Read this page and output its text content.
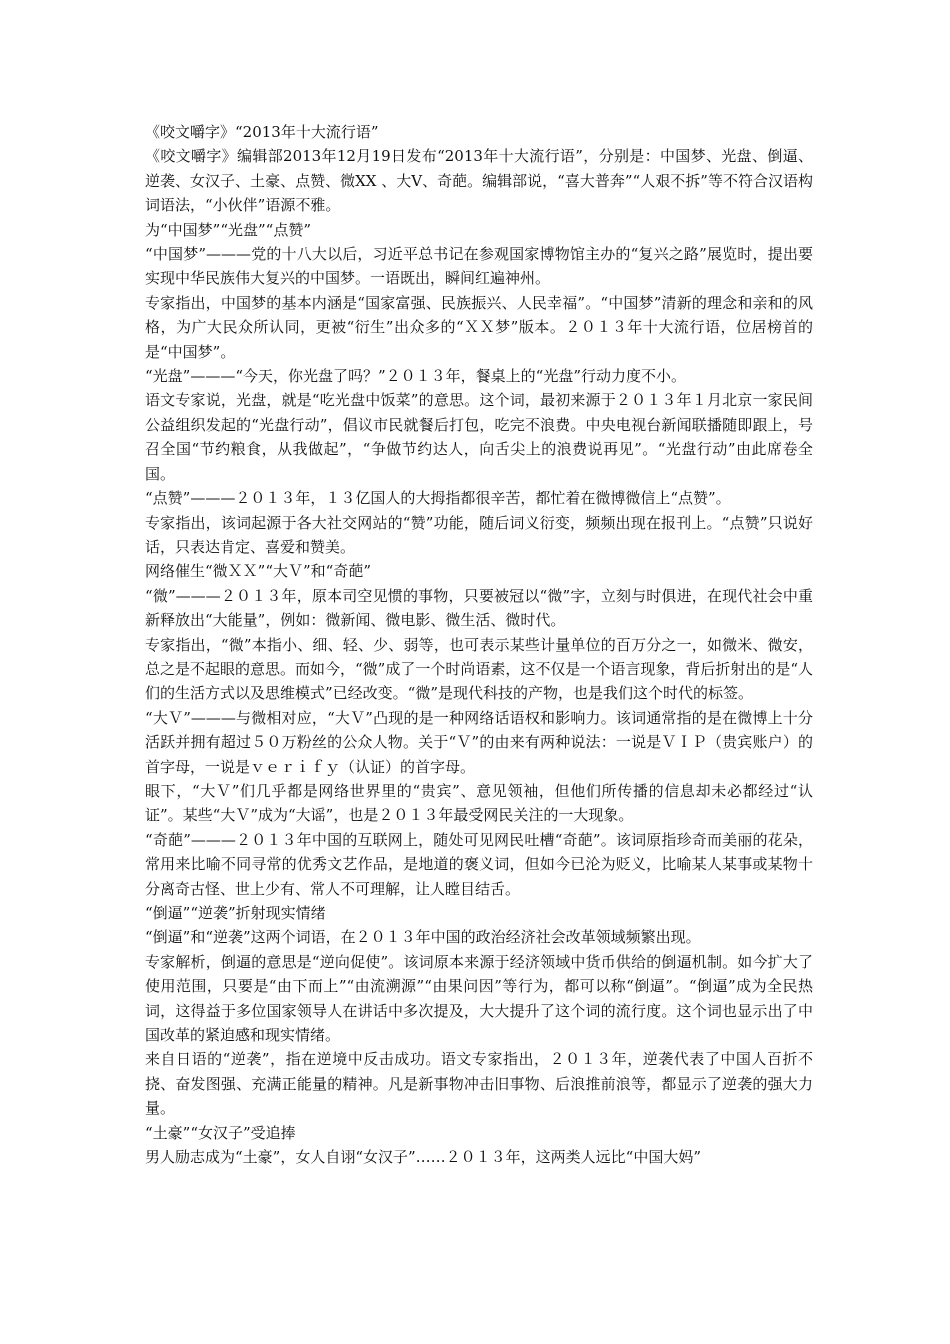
《咬文嚼字》“2013年十大流行语”

《咬文嚼字》编辑部2013年12月19日发布“2013年十大流行语”，分别是：中国梦、光盘、倒逼、逆袭、女汉子、土豪、点赞、微XX 、大V、奇葩。编辑部说，“喜大普奔”“人艰不拆”等不符合汉语构词语法，“小伙伴”语源不雅。

为“中国梦”“光盘”“点赞”

“中国梦”———党的十八大以后，习近平总书记在参观国家博物馆主办的“复兴之路”展览时，提出要实现中华民族伟大复兴的中国梦。一语既出，瞬间红遍神州。

专家指出，中国梦的基本内涵是“国家富强、民族振兴、人民幸福”。“中国梦”清新的理念和亲和的风格，为广大民众所认同，更被“衍生”出众多的“ＸＸ梦”版本。２０１３年十大流行语，位居榜首的是“中国梦”。

“光盘”———“今天，你光盘了吗？”２０１３年，餐桌上的“光盘”行动力度不小。

语文专家说，光盘，就是“吃光盘中饭菜”的意思。这个词，最初来源于２０１３年１月北京一家民间公益组织发起的“光盘行动”，倡议市民就餐后打包，吃完不浪费。中央电视台新闻联播随即跟上，号召全国“节约粮食，从我做起”，“争做节约达人，向舌尖上的浪费说再见”。“光盘行动”由此席卷全国。

“点赞”———２０１３年，１３亿国人的大拇指都很辛苦，都忙着在微博微信上“点赞”。

专家指出，该词起源于各大社交网站的“赞”功能，随后词义衍变，频频出现在报刊上。“点赞”只说好话，只表达肯定、喜爱和赞美。

网络催生“微ＸＸ”“大Ｖ”和“奇葩”

“微”———２０１３年，原本司空见惯的事物，只要被冠以“微”字，立刻与时俱进，在现代社会中重新释放出“大能量”，例如：微新闻、微电影、微生活、微时代。

专家指出，“微”本指小、细、轻、少、弱等，也可表示某些计量单位的百万分之一，如微米、微安，总之是不起眼的意思。而如今，“微”成了一个时尚语素，这不仅是一个语言现象，背后折射出的是“人们的生活方式以及思维模式”已经改变。“微”是现代科技的产物，也是我们这个时代的标签。

“大Ｖ”———与微相对应，“大Ｖ”凸现的是一种网络话语权和影响力。该词通常指的是在微博上十分活跃并拥有超过５０万粉丝的公众人物。关于“Ｖ”的由来有两种说法：一说是ＶＩＰ（贵宾账户）的首字母，一说是ｖｅｒｉｆｙ（认证）的首字母。

眼下，“大Ｖ”们几乎都是网络世界里的“贵宾”、意见领袖，但他们所传播的信息却未必都经过“认证”。某些“大Ｖ”成为“大谣”，也是２０１３年最受网民关注的一大现象。

“奇葩”———２０１３年中国的互联网上，随处可见网民吐槽“奇葩”。该词原指珍奇而美丽的花朵，常用来比喻不同寻常的优秀文艺作品，是地道的褒义词，但如今已沦为贬义，比喻某人某事或某物十分离奇古怪、世上少有、常人不可理解，让人瞠目结舌。

“倒逼”“逆袭”折射现实情绪

“倒逼”和“逆袭”这两个词语，在２０１３年中国的政治经济社会改革领域频繁出现。

专家解析，倒逼的意思是“逆向促使”。该词原本来源于经济领域中货币供给的倒逼机制。如今扩大了使用范围，只要是“由下而上”“由流溯源”“由果问因”等行为，都可以称“倒逼”。“倒逼”成为全民热词，这得益于多位国家领导人在讲话中多次提及，大大提升了这个词的流行度。这个词也显示出了中国改革的紧迫感和现实情绪。

来自日语的“逆袭”，指在逆境中反击成功。语文专家指出，２０１３年，逆袭代表了中国人百折不挠、奋发图强、充满正能量的精神。凡是新事物冲击旧事物、后浪推前浪等，都显示了逆袭的强大力量。

“土豪”“女汉子”受追捧

男人励志成为“土豪”，女人自诩“女汉子”……２０１３年，这两类人远比“中国大妈”
